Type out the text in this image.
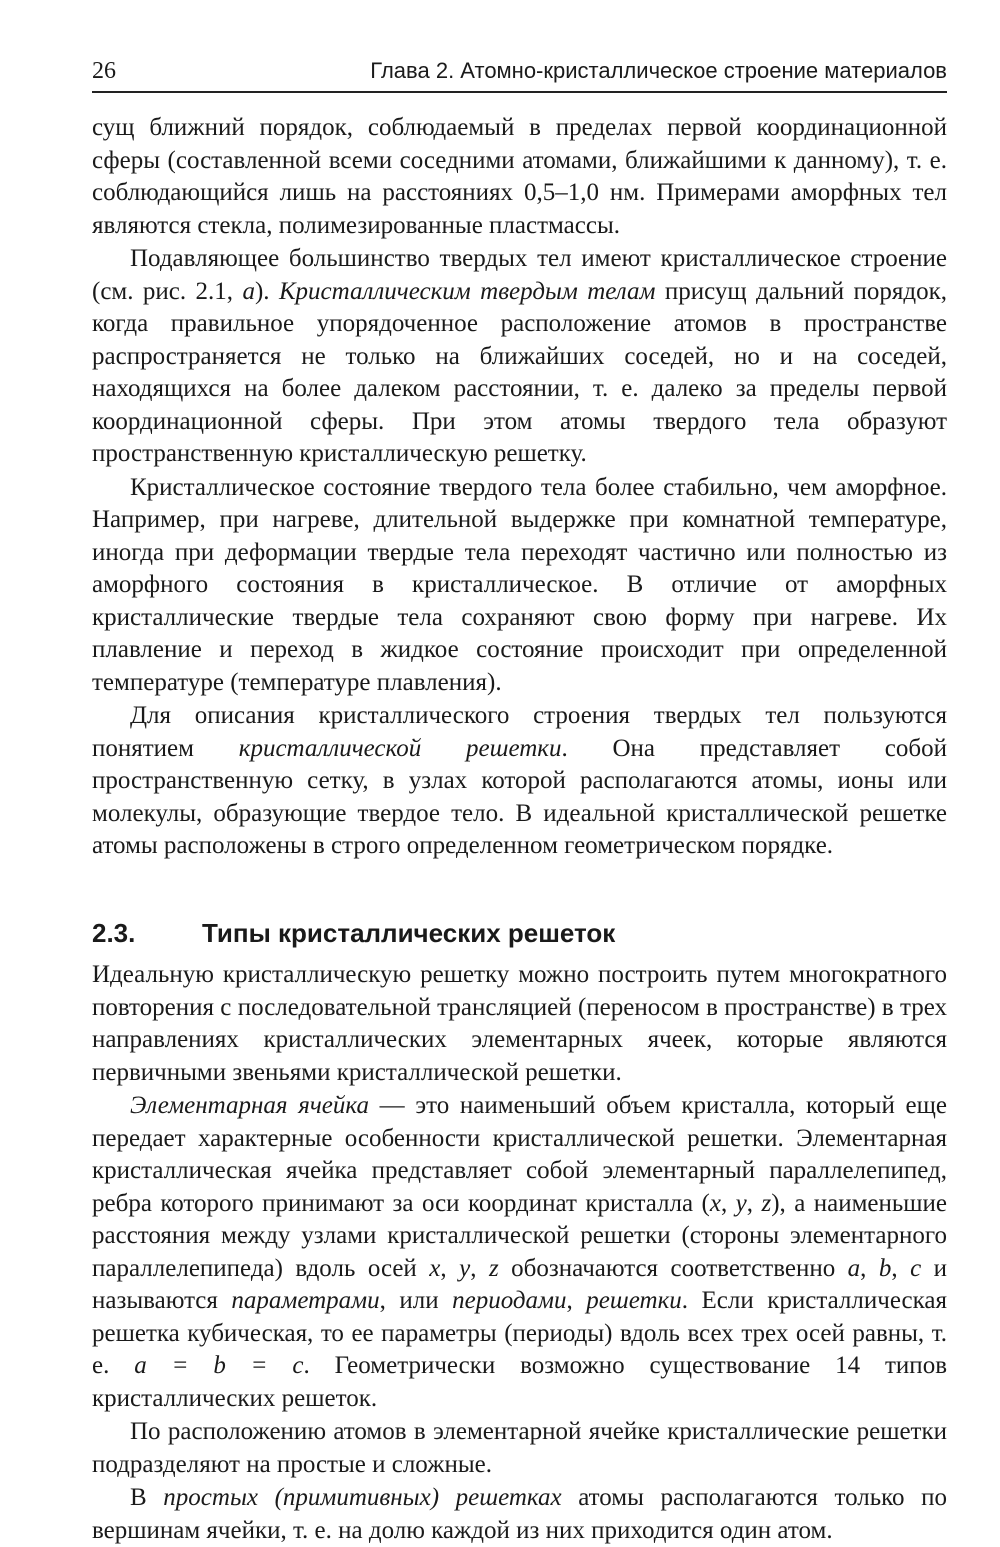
26	Глава 2. Атомно-кристаллическое строение материалов

сущ ближний порядок, соблюдаемый в пределах первой координационной сферы (составленной всеми соседними атомами, ближайшими к данному), т. е. соблюдающийся лишь на расстояниях 0,5–1,0 нм. Примерами аморфных тел являются стекла, полимезированные пластмассы.

Подавляющее большинство твердых тел имеют кристаллическое строение (см. рис. 2.1, а). Кристаллическим твердым телам присущ дальний порядок, когда правильное упорядоченное расположение атомов в пространстве распространяется не только на ближайших соседей, но и на соседей, находящихся на более далеком расстоянии, т. е. далеко за пределы первой координационной сферы. При этом атомы твердого тела образуют пространственную кристаллическую решетку.

Кристаллическое состояние твердого тела более стабильно, чем аморфное. Например, при нагреве, длительной выдержке при комнатной температуре, иногда при деформации твердые тела переходят частично или полностью из аморфного состояния в кристаллическое. В отличие от аморфных кристаллические твердые тела сохраняют свою форму при нагреве. Их плавление и переход в жидкое состояние происходит при определенной температуре (температуре плавления).

Для описания кристаллического строения твердых тел пользуются понятием кристаллической решетки. Она представляет собой пространственную сетку, в узлах которой располагаются атомы, ионы или молекулы, образующие твердое тело. В идеальной кристаллической решетке атомы расположены в строго определенном геометрическом порядке.

2.3.	Типы кристаллических решеток

Идеальную кристаллическую решетку можно построить путем многократного повторения с последовательной трансляцией (переносом в пространстве) в трех направлениях кристаллических элементарных ячеек, которые являются первичными звеньями кристаллической решетки.

Элементарная ячейка — это наименьший объем кристалла, который еще передает характерные особенности кристаллической решетки. Элементарная кристаллическая ячейка представляет собой элементарный параллелепипед, ребра которого принимают за оси координат кристалла (x, y, z), а наименьшие расстояния между узлами кристаллической решетки (стороны элементарного параллелепипеда) вдоль осей x, y, z обозначаются соответственно a, b, c и называются параметрами, или периодами, решетки. Если кристаллическая решетка кубическая, то ее параметры (периоды) вдоль всех трех осей равны, т. е. a = b = c. Геометрически возможно существование 14 типов кристаллических решеток.

По расположению атомов в элементарной ячейке кристаллические решетки подразделяют на простые и сложные.

В простых (примитивных) решетках атомы располагаются только по вершинам ячейки, т. е. на долю каждой из них приходится один атом.
